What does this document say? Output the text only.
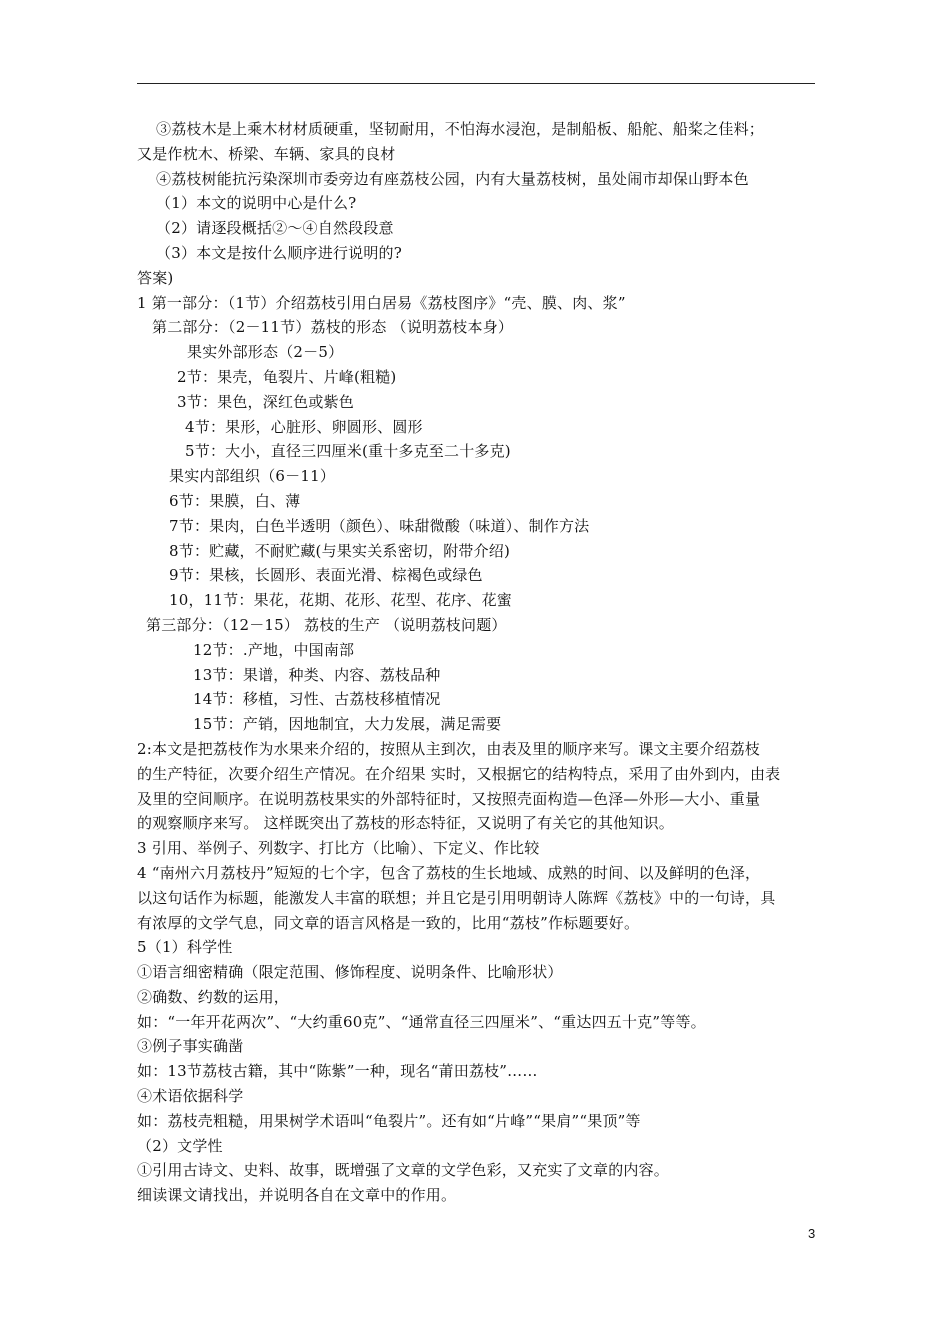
③荔枝木是上乘木材材质硬重，坚韧耐用，不怕海水浸泡，是制船板、船舵、船桨之佳料；
又是作枕木、桥梁、车辆、家具的良材
④荔枝树能抗污染深圳市委旁边有座荔枝公园，内有大量荔枝树，虽处闹市却保山野本色
（1）本文的说明中心是什么?
（2）请逐段概括②～④自然段段意
（3）本文是按什么顺序进行说明的?
答案)
1 第一部分：（1节）介绍荔枝引用白居易《荔枝图序》“壳、膜、肉、浆”
第二部分：（2－11节）荔枝的形态 （说明荔枝本身）
果实外部形态（2－5）
2节：果壳，龟裂片、片峰(粗糙)
3节：果色，深红色或紫色
4节：果形，心脏形、卵圆形、圆形
5节：大小，直径三四厘米(重十多克至二十多克)
果实内部组织（6－11）
6节：果膜，白、薄
7节：果肉，白色半透明（颜色）、味甜微酸（味道）、制作方法
8节：贮藏，不耐贮藏(与果实关系密切，附带介绍)
9节：果核，长圆形、表面光滑、棕褐色或绿色
10，11节：果花，花期、花形、花型、花序、花蜜
第三部分：（12－15） 荔枝的生产 （说明荔枝问题）
12节：.产地，中国南部
13节：果谱，种类、内容、荔枝品种
14节：移植，习性、古荔枝移植情况
15节：产销，因地制宜，大力发展，满足需要
2:本文是把荔枝作为水果来介绍的，按照从主到次，由表及里的顺序来写。课文主要介绍荔枝
的生产特征，次要介绍生产情况。在介绍果 实时，又根据它的结构特点，采用了由外到内，由表
及里的空间顺序。在说明荔枝果实的外部特征时，又按照壳面构造—色泽—外形—大小、重量
的观察顺序来写。 这样既突出了荔枝的形态特征，又说明了有关它的其他知识。
3 引用、举例子、列数字、打比方（比喻）、下定义、作比较
4 “南州六月荔枝丹”短短的七个字，包含了荔枝的生长地域、成熟的时间、以及鲜明的色泽，
以这句话作为标题，能激发人丰富的联想；并且它是引用明朝诗人陈辉《荔枝》中的一句诗，具
有浓厚的文学气息，同文章的语言风格是一致的，比用“荔枝”作标题要好。
5（1）科学性
①语言细密精确（限定范围、修饰程度、说明条件、比喻形状）
②确数、约数的运用，
如：“一年开花两次”、“大约重60克”、“通常直径三四厘米”、“重达四五十克”等等。
③例子事实确凿
如：13节荔枝古籍，其中“陈紫”一种，现名“莆田荔枝”……
④术语依据科学
如：荔枝壳粗糙，用果树学术语叫“龟裂片”。还有如“片峰”“果肩”“果顶”等
（2）文学性
①引用古诗文、史料、故事，既增强了文章的文学色彩，又充实了文章的内容。
细读课文请找出，并说明各自在文章中的作用。
3
